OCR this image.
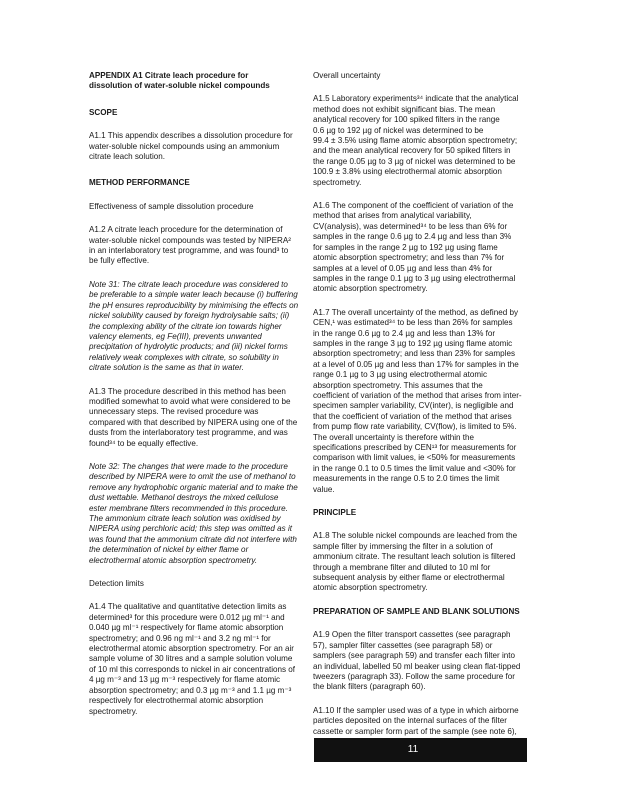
APPENDIX A1 Citrate leach procedure for
dissolution of water-soluble nickel compounds

SCOPE

A1.1 This appendix describes a dissolution procedure for
water-soluble nickel compounds using an ammonium
citrate leach solution.

METHOD PERFORMANCE

Effectiveness of sample dissolution procedure

A1.2 A citrate leach procedure for the determination of
water-soluble nickel compounds was tested by NIPERA²
in an interlaboratory test programme, and was found³ to
be fully effective.

Note 31: The citrate leach procedure was considered to
be preferable to a simple water leach because (i) buffering
the pH ensures reproducibility by minimising the effects on
nickel solubility caused by foreign hydrolysable salts; (ii)
the complexing ability of the citrate ion towards higher
valency elements, eg Fe(III), prevents unwanted
precipitation of hydrolytic products; and (iii) nickel forms
relatively weak complexes with citrate, so solubility in
citrate solution is the same as that in water.

A1.3 The procedure described in this method has been
modified somewhat to avoid what were considered to be
unnecessary steps. The revised procedure was
compared with that described by NIPERA using one of the
dusts from the interlaboratory test programme, and was
found³⁴ to be equally effective.

Note 32: The changes that were made to the procedure
described by NIPERA were to omit the use of methanol to
remove any hydrophobic organic material and to make the
dust wettable. Methanol destroys the mixed cellulose
ester membrane filters recommended in this procedure.
The ammonium citrate leach solution was oxidised by
NIPERA using perchloric acid; this step was omitted as it
was found that the ammonium citrate did not interfere with
the determination of nickel by either flame or
electrothermal atomic absorption spectrometry.

Detection limits

A1.4 The qualitative and quantitative detection limits as
determined³ for this procedure were 0.012 µg ml⁻¹ and
0.040 µg ml⁻¹ respectively for flame atomic absorption
spectrometry; and 0.96 ng ml⁻¹ and 3.2 ng ml⁻¹ for
electrothermal atomic absorption spectrometry. For an air
sample volume of 30 litres and a sample solution volume
of 10 ml this corresponds to nickel in air concentrations of
4 µg m⁻³ and 13 µg m⁻³ respectively for flame atomic
absorption spectrometry; and 0.3 µg m⁻³ and 1.1 µg m⁻³
respectively for electrothermal atomic absorption
spectrometry.

Overall uncertainty

A1.5 Laboratory experiments³⁴ indicate that the analytical
method does not exhibit significant bias. The mean
analytical recovery for 100 spiked filters in the range
0.6 µg to 192 µg of nickel was determined to be
99.4 ± 3.5% using flame atomic absorption spectrometry;
and the mean analytical recovery for 50 spiked filters in
the range 0.05 µg to 3 µg of nickel was determined to be
100.9 ± 3.8% using electrothermal atomic absorption
spectrometry.

A1.6 The component of the coefficient of variation of the
method that arises from analytical variability,
CV(analysis), was determined³⁴ to be less than 6% for
samples in the range 0.6 µg to 2.4 µg and less than 3%
for samples in the range 2 µg to 192 µg using flame
atomic absorption spectrometry; and less than 7% for
samples at a level of 0.05 µg and less than 4% for
samples in the range 0.1 µg to 3 µg using electrothermal
atomic absorption spectrometry.

A1.7 The overall uncertainty of the method, as defined by
CEN,¹ was estimated³⁴ to be less than 26% for samples
in the range 0.6 µg to 2.4 µg and less than 13% for
samples in the range 3 µg to 192 µg using flame atomic
absorption spectrometry; and less than 23% for samples
at a level of 0.05 µg and less than 17% for samples in the
range 0.1 µg to 3 µg using electrothermal atomic
absorption spectrometry. This assumes that the
coefficient of variation of the method that arises from inter-
specimen sampler variability, CV(inter), is negligible and
that the coefficient of variation of the method that arises
from pump flow rate variability, CV(flow), is limited to 5%.
The overall uncertainty is therefore within the
specifications prescribed by CEN¹³ for measurements for
comparison with limit values, ie <50% for measurements
in the range 0.1 to 0.5 times the limit value and <30% for
measurements in the range 0.5 to 2.0 times the limit
value.

PRINCIPLE

A1.8 The soluble nickel compounds are leached from the
sample filter by immersing the filter in a solution of
ammonium citrate. The resultant leach solution is filtered
through a membrane filter and diluted to 10 ml for
subsequent analysis by either flame or electrothermal
atomic absorption spectrometry.

PREPARATION OF SAMPLE AND BLANK SOLUTIONS

A1.9 Open the filter transport cassettes (see paragraph
57), sampler filter cassettes (see paragraph 58) or
samplers (see paragraph 59) and transfer each filter into
an individual, labelled 50 ml beaker using clean flat-tipped
tweezers (paragraph 33). Follow the same procedure for
the blank filters (paragraph 60).

A1.10 If the sampler used was of a type in which airborne
particles deposited on the internal surfaces of the filter
cassette or sampler form part of the sample (see note 6),

11
